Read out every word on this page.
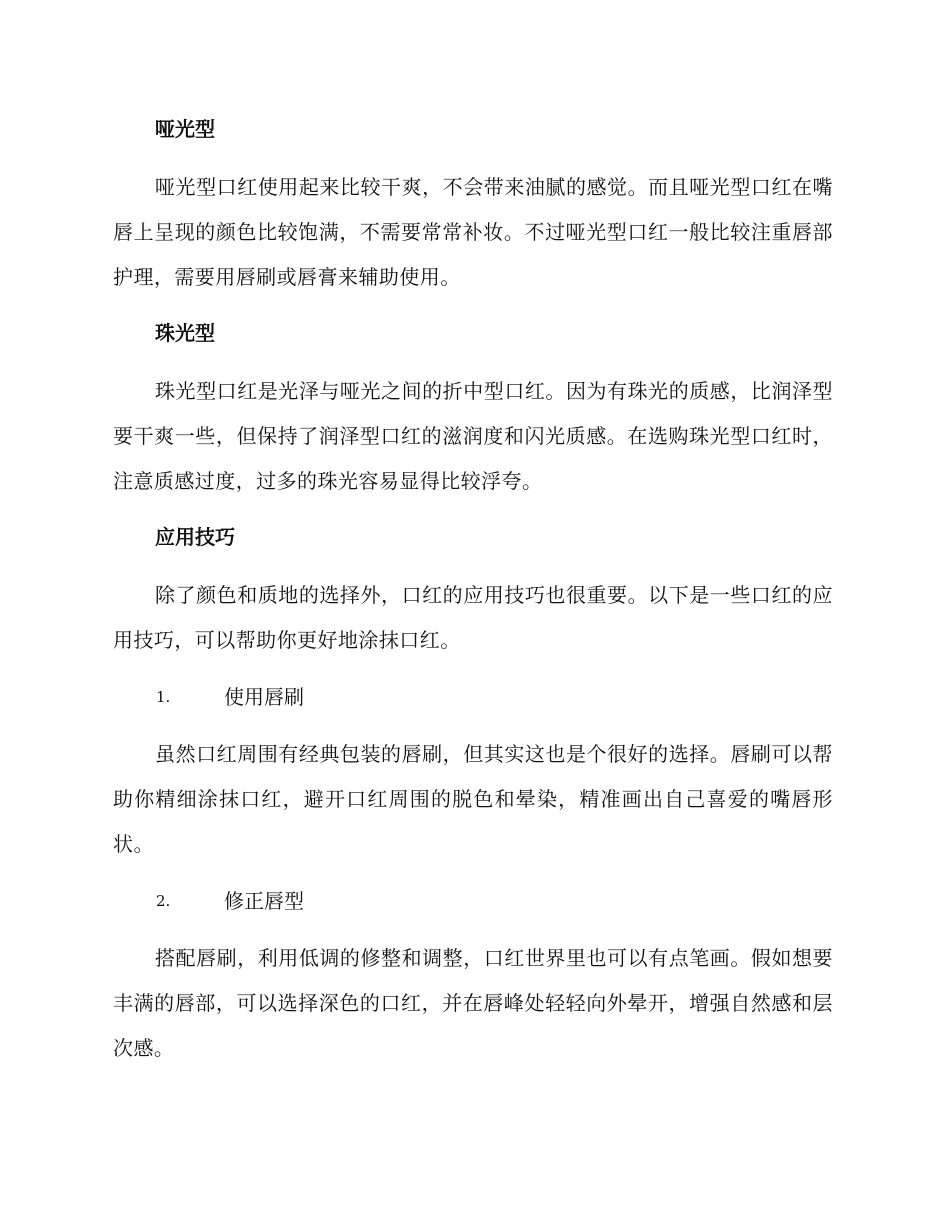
哑光型

哑光型口红使用起来比较干爽，不会带来油腻的感觉。而且哑光型口红在嘴唇上呈现的颜色比较饱满，不需要常常补妆。不过哑光型口红一般比较注重唇部护理，需要用唇刷或唇膏来辅助使用。

珠光型

珠光型口红是光泽与哑光之间的折中型口红。因为有珠光的质感，比润泽型要干爽一些，但保持了润泽型口红的滋润度和闪光质感。在选购珠光型口红时，注意质感过度，过多的珠光容易显得比较浮夸。

应用技巧

除了颜色和质地的选择外，口红的应用技巧也很重要。以下是一些口红的应用技巧，可以帮助你更好地涂抹口红。

1.	使用唇刷

虽然口红周围有经典包装的唇刷，但其实这也是个很好的选择。唇刷可以帮助你精细涂抹口红，避开口红周围的脱色和晕染，精准画出自己喜爱的嘴唇形状。

2.	修正唇型

搭配唇刷，利用低调的修整和调整，口红世界里也可以有点笔画。假如想要丰满的唇部，可以选择深色的口红，并在唇峰处轻轻向外晕开，增强自然感和层次感。
